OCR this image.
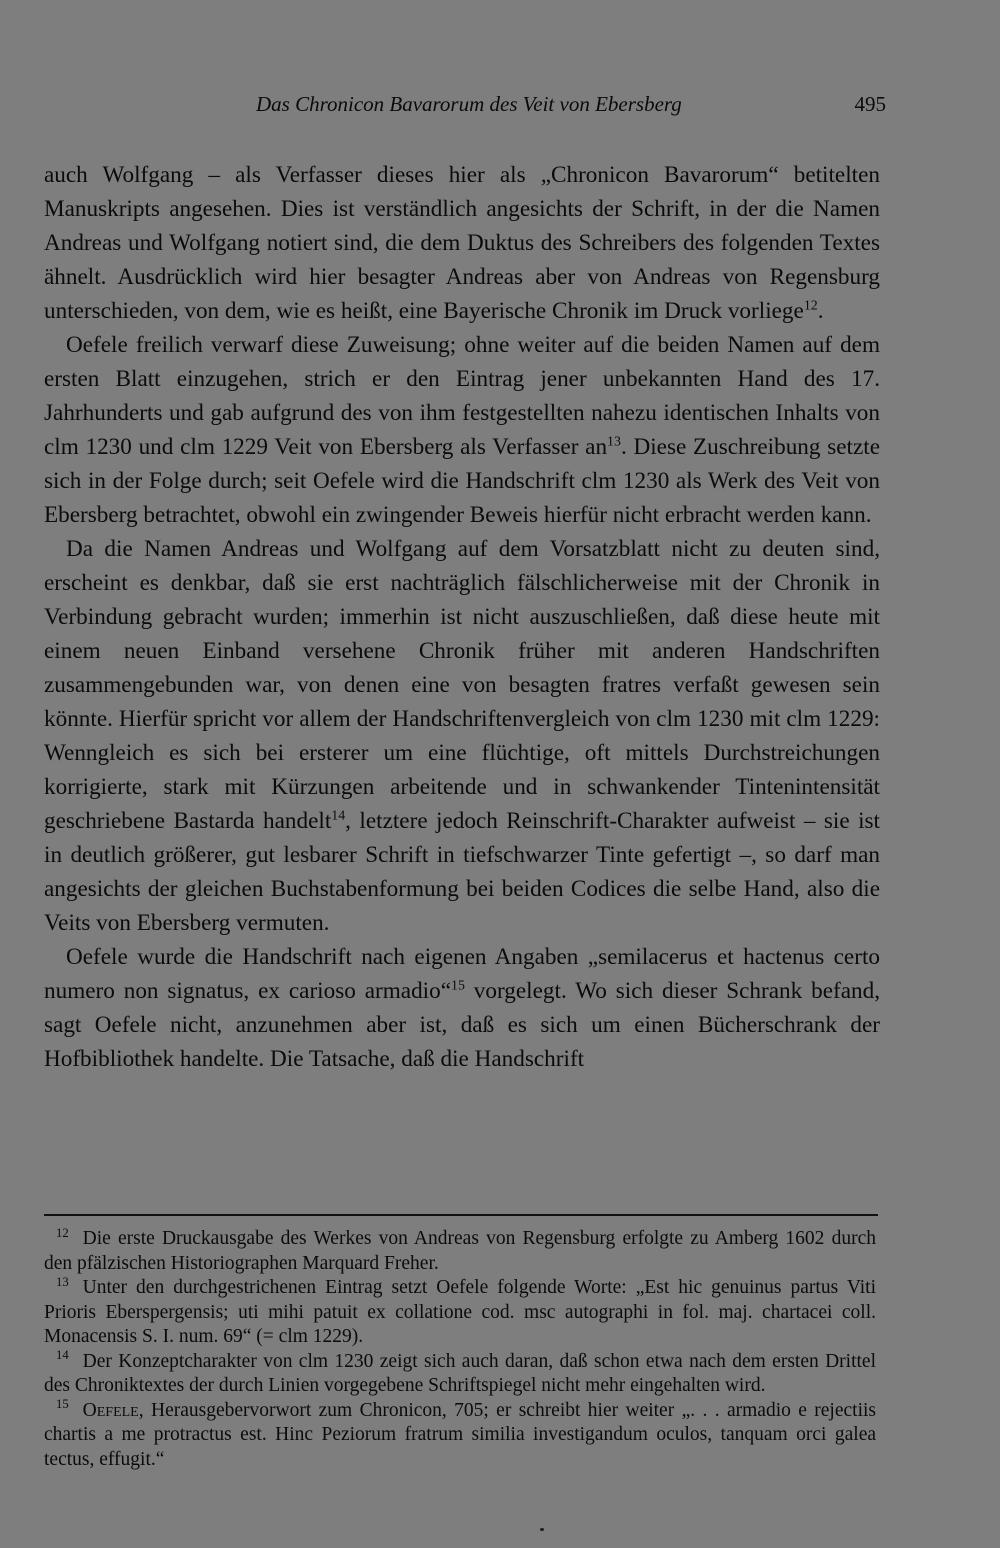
Das Chronicon Bavarorum des Veit von Ebersberg	495

auch Wolfgang – als Verfasser dieses hier als „Chronicon Bavarorum“ betitelten Manuskripts angesehen. Dies ist verständlich angesichts der Schrift, in der die Namen Andreas und Wolfgang notiert sind, die dem Duktus des Schreibers des folgenden Textes ähnelt. Ausdrücklich wird hier besagter Andreas aber von Andreas von Regensburg unterschieden, von dem, wie es heißt, eine Bayerische Chronik im Druck vorliege$^{12}$.

Oefele freilich verwarf diese Zuweisung; ohne weiter auf die beiden Namen auf dem ersten Blatt einzugehen, strich er den Eintrag jener unbekannten Hand des 17. Jahrhunderts und gab aufgrund des von ihm festgestellten nahezu identischen Inhalts von clm 1230 und clm 1229 Veit von Ebersberg als Verfasser $an^{13}$. Diese Zuschreibung setzte sich in der Folge durch; seit Oefele wird die Handschrift clm 1230 als Werk des Veit von Ebersberg betrachtet, obwohl ein zwingender Beweis hierfür nicht erbracht werden kann.

Da die Namen Andreas und Wolfgang auf dem Vorsatzblatt nicht zu deuten sind, erscheint es denkbar, daß sie erst nachträglich fälschlicherweise mit der Chronik in Verbindung gebracht wurden; immerhin ist nicht auszuschließen, daß diese heute mit einem neuen Einband versehene Chronik früher mit anderen Handschriften zusammengebunden war, von denen eine von besagten fratres verfaßt gewesen sein könnte. Hierfür spricht vor allem der Handschriftenvergleich von clm 1230 mit clm 1229: Wenngleich es sich bei ersterer um eine flüchtige, oft mittels Durchstreichungen korrigierte, stark mit Kürzungen arbeitende und in schwankender Tintenintensität geschriebene Bastarda handelt$^{14}$, letztere jedoch Reinschrift-Charakter aufweist – sie ist in deutlich größerer, gut lesbarer Schrift in tiefschwarzer Tinte gefertigt –, so darf man angesichts der gleichen Buchstabenformung bei beiden Codices die selbe Hand, also die Veits von Ebersberg vermuten.

Oefele wurde die Handschrift nach eigenen Angaben „semilacerus et hactenus certo numero non signatus, ex carioso armadio“$^{15}$ vorgelegt. Wo sich dieser Schrank befand, sagt Oefele nicht, anzunehmen aber ist, daß es sich um einen Bücherschrank der Hofbibliothek handelte. Die Tatsache, daß die Handschrift

$^{12}$ Die erste Druckausgabe des Werkes von Andreas von Regensburg erfolgte zu Amberg 1602 durch den pfälzischen Historiographen Marquard Freher.

$^{13}$ Unter den durchgestrichenen Eintrag setzt Oefele folgende Worte: „Est hic genuinus partus Viti Prioris Eberspergensis; uti mihi patuit ex collatione cod. msc autographi in fol. maj. chartacei coll. Monacensis S. I. num. 69“ (= clm 1229).

$^{14}$ Der Konzeptcharakter von clm 1230 zeigt sich auch daran, daß schon etwa nach dem ersten Drittel des Chroniktextes der durch Linien vorgegebene Schriftspiegel nicht mehr eingehalten wird.

$^{15}$ Oefele, Herausgebervorwort zum Chronicon, 705; er schreibt hier weiter „. . . armadio e rejectiis chartis a me protractus est. Hinc Peziorum fratrum similia investigandum oculos, tanquam orci galea tectus, effugit.“
